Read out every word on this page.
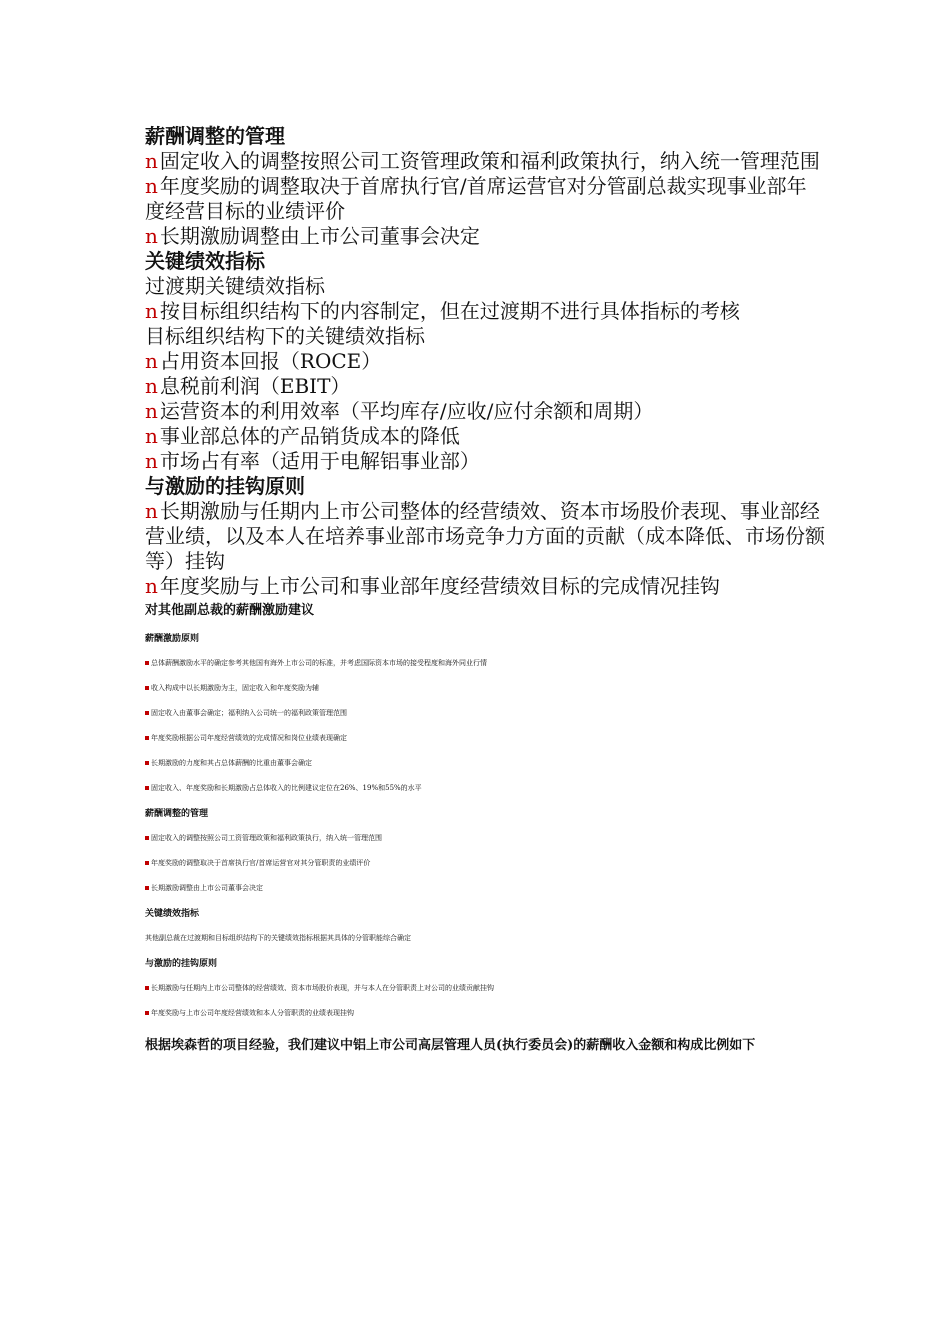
薪酬调整的管理

n 固定收入的调整按照公司工资管理政策和福利政策执行，纳入统一管理范围

n 年度奖励的调整取决于首席执行官/首席运营官对分管副总裁实现事业部年度经营目标的业绩评价

n 长期激励调整由上市公司董事会决定

关键绩效指标

过渡期关键绩效指标

n 按目标组织结构下的内容制定，但在过渡期不进行具体指标的考核

目标组织结构下的关键绩效指标

n 占用资本回报（ROCE）

n 息税前利润（EBIT）

n 运营资本的利用效率（平均库存/应收/应付余额和周期）

n 事业部总体的产品销货成本的降低

n 市场占有率（适用于电解铝事业部）

与激励的挂钩原则

n 长期激励与任期内上市公司整体的经营绩效、资本市场股价表现、事业部经营业绩，以及本人在培养事业部市场竞争力方面的贡献（成本降低、市场份额等）挂钩

n 年度奖励与上市公司和事业部年度经营绩效目标的完成情况挂钩

对其他副总裁的薪酬激励建议

薪酬激励原则

总体薪酬激励水平的确定参考其他国有海外上市公司的标准，并考虑国际资本市场的接受程度和海外同业行情

收入构成中以长期激励为主，固定收入和年度奖励为辅

固定收入由董事会确定；福利纳入公司统一的福利政策管理范围

年度奖励根据公司年度经营绩效的完成情况和岗位业绩表现确定

长期激励的力度和其占总体薪酬的比重由董事会确定

固定收入、年度奖励和长期激励占总体收入的比例建议定位在26%、19%和55%的水平

薪酬调整的管理

固定收入的调整按照公司工资管理政策和福利政策执行，纳入统一管理范围

年度奖励的调整取决于首席执行官/首席运营官对其分管职责的业绩评价

长期激励调整由上市公司董事会决定

关键绩效指标

其他副总裁在过渡期和目标组织结构下的关键绩效指标根据其具体的分管职能综合确定

与激励的挂钩原则

长期激励与任期内上市公司整体的经营绩效、资本市场股价表现，并与本人在分管职责上对公司的业绩贡献挂钩

年度奖励与上市公司年度经营绩效和本人分管职责的业绩表现挂钩

根据埃森哲的项目经验，我们建议中铝上市公司高层管理人员(执行委员会)的薪酬收入金额和构成比例如下
